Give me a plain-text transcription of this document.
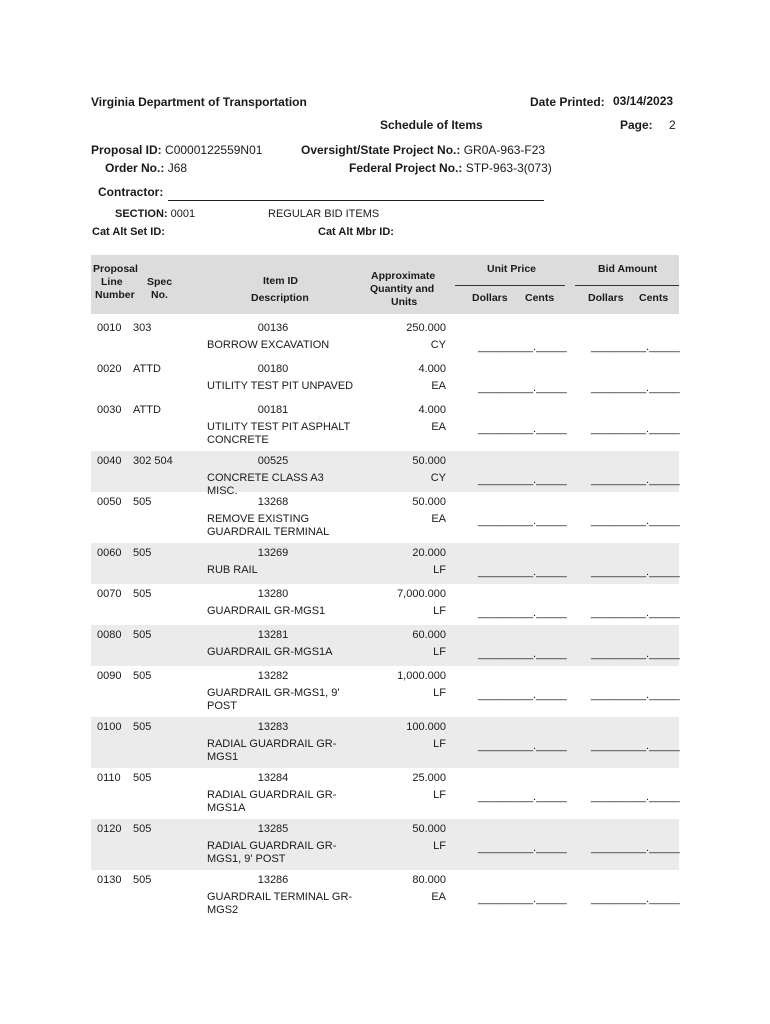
Virginia Department of Transportation	Date Printed: 03/14/2023
Schedule of Items	Page: 2
Proposal ID: C0000122559N01
Order No.: J68
Oversight/State Project No.: GR0A-963-F23
Federal Project No.: STP-963-3(073)
Contractor:
SECTION: 0001	REGULAR BID ITEMS
Cat Alt Set ID:	Cat Alt Mbr ID:
Proposal
Line
Number
Spec
No.
Item ID
Description
Approximate
Quantity and
Units
Unit Price	Bid Amount
Dollars Cents	Dollars Cents
0010 303	00136
BORROW EXCAVATION
250.000
CY	_________._____ _________._____
0020 ATTD	00180
UTILITY TEST PIT UNPAVED
4.000
EA	_________._____ _________._____
0030 ATTD	00181
UTILITY TEST PIT ASPHALT CONCRETE
4.000
EA	_________._____ _________._____
0040 302 504	00525
CONCRETE CLASS A3 MISC.
50.000
CY	_________._____ _________._____
0050 505	13268
REMOVE EXISTING GUARDRAIL TERMINAL
50.000
EA	_________._____ _________._____
0060 505	13269
RUB RAIL
20.000
LF	_________._____ _________._____
0070 505	13280
GUARDRAIL GR-MGS1
7,000.000
LF	_________._____ _________._____
0080 505	13281
GUARDRAIL GR-MGS1A
60.000
LF	_________._____ _________._____
0090 505	13282
GUARDRAIL GR-MGS1, 9' POST
1,000.000
LF	_________._____ _________._____
0100 505	13283
RADIAL GUARDRAIL GR-MGS1
100.000
LF	_________._____ _________._____
0110 505	13284
RADIAL GUARDRAIL GR-MGS1A
25.000
LF	_________._____ _________._____
0120 505	13285
RADIAL GUARDRAIL GR-MGS1, 9' POST
50.000
LF	_________._____ _________._____
0130 505	13286
GUARDRAIL TERMINAL GR-MGS2
80.000
EA	_________._____ _________._____
